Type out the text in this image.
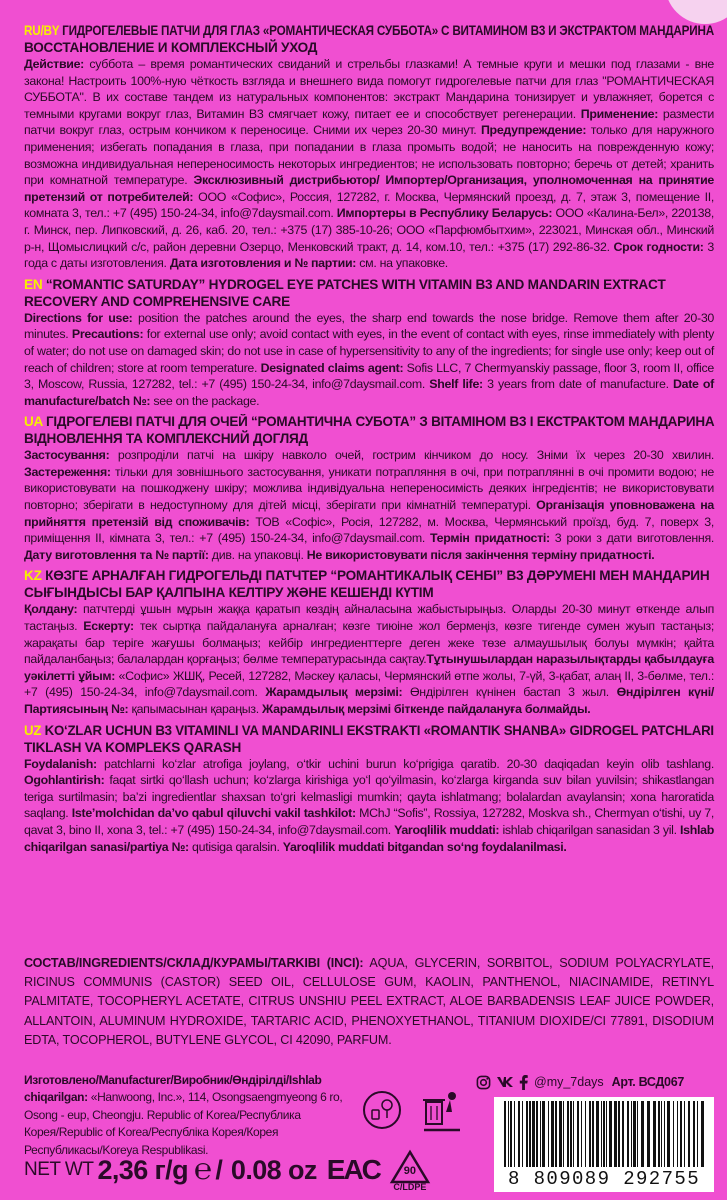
RU/BY ГИДРОГЕЛЕВЫЕ ПАТЧИ ДЛЯ ГЛАЗ «РОМАНТИЧЕСКАЯ СУББОТА» С ВИТАМИНОМ B3 И ЭКСТРАКТОМ МАНДАРИНА
ВОССТАНОВЛЕНИЕ И КОМПЛЕКСНЫЙ УХОД

Действие: суббота – время романтических свиданий и стрельбы глазками! А темные круги и мешки под глазами - вне закона! Настроить 100%-ную чёткость взгляда и внешнего вида помогут гидрогелевые патчи для глаз "РОМАНТИЧЕСКАЯ СУББОТА". В их составе тандем из натуральных компонентов: экстракт Мандарина тонизирует и увлажняет, борется с темными кругами вокруг глаз, Витамин В3 смягчает кожу, питает ее и способствует регенерации. Применение: размести патчи вокруг глаз, острым кончиком к переносице. Сними их через 20-30 минут. Предупреждение: только для наружного применения; избегать попадания в глаза, при попадании в глаза промыть водой; не наносить на поврежденную кожу; возможна индивидуальная непереносимость некоторых ингредиентов; не использовать повторно; беречь от детей; хранить при комнатной температуре. Эксклюзивный дистрибьютор/ Импортер/Организация, уполномоченная на принятие претензий от потребителей: ООО «Софис», Россия, 127282, г. Москва, Чермянский проезд, д. 7, этаж 3, помещение II, комната 3, тел.: +7 (495) 150-24-34, info@7daysmail.com. Импортеры в Республику Беларусь: ООО «Калина-Бел», 220138, г. Минск, пер. Липковский, д. 26, каб. 20, тел.: +375 (17) 385-10-26; ООО «Парфюмбытхим», 223021, Минская обл., Минский р-н, Щомыслицкий с/с, район деревни Озерцо, Менковский тракт, д. 14, ком.10, тел.: +375 (17) 292-86-32. Срок годности: 3 года с даты изготовления. Дата изготовления и № партии: см. на упаковке.

EN “ROMANTIC SATURDAY” HYDROGEL EYE PATCHES WITH VITAMIN B3 AND MANDARIN EXTRACT
RECOVERY AND COMPREHENSIVE CARE

Directions for use: position the patches around the eyes, the sharp end towards the nose bridge. Remove them after 20-30 minutes. Precautions: for external use only; avoid contact with eyes, in the event of contact with eyes, rinse immediately with plenty of water; do not use on damaged skin; do not use in case of hypersensitivity to any of the ingredients; for single use only; keep out of reach of children; store at room temperature. Designated claims agent: Sofis LLC, 7 Chermyanskiy passage, floor 3, room II, office 3, Moscow, Russia, 127282, tel.: +7 (495) 150-24-34, info@7daysmail.com. Shelf life: 3 years from date of manufacture. Date of manufacture/batch №: see on the package.

UA ГІДРОГЕЛЕВІ ПАТЧІ ДЛЯ ОЧЕЙ “РОМАНТИЧНА СУБОТА” З ВІТАМІНОМ B3 І ЕКСТРАКТОМ МАНДАРИНА
ВІДНОВЛЕННЯ ТА КОМПЛЕКСНИЙ ДОГЛЯД

Застосування: розпродiли патчi на шкiру навколо очей, гострим кінчиком до носу. Зніми їх через 20-30 хвилин. Застереження: тільки для зовнішнього застосування, уникати потрапляння в очі, при потраплянні в очі промити водою; не використовувати на пошкоджену шкіру; можлива індивідуальна непереносимість деяких інгредієнтів; не використовувати повторно; зберігати в недоступному для дітей місці, зберігати при кімнатній температурі. Організація уповноважена на прийняття претензій від споживачів: ТОВ «Софіс», Росія, 127282, м. Москва, Чермянський проїзд, буд. 7, поверх 3, приміщення ІІ, кімната 3, тел.: +7 (495) 150-24-34, info@7daysmail.com. Термін придатності: 3 роки з дати виготовлення. Дату виготовлення та № партії: див. на упаковці. Не використовувати після закінчення терміну придатності.

KZ КӨЗГЕ АРНАЛҒАН ГИДРОГЕЛЬДІ ПАТЧТЕР “РОМАНТИКАЛЫҚ СЕНБІ” B3 ДӘРУМЕНІ МЕН МАНДАРИН
СЫҒЫНДЫСЫ БАР ҚАЛПЫНА КЕЛТІРУ ЖӘНЕ КЕШЕНДІ КҮТІМ

Қолдану: патчтерді ұшын мұрын жаққа қаратып көздің айналасына жабыстырыңыз. Оларды 20-30 минут өткенде алып тастаңыз. Ескерту: тек сыртқа пайдалануға арналған; көзге тиюіне жол бермеңіз, көзге тигенде сумен жуып тастаңыз; жарақаты бар теріге жағушы болмаңыз; кейбір ингредиенттерге деген жеке төзе алмаушылық болуы мүмкін; қайта пайдаланбаңыз; балалардан қорғаңыз; бөлме температурасында сақтау.Тұтынушылардан наразылықтарды қабылдауға уәкілетті ұйым: «Софис» ЖШҚ, Ресей, 127282, Мәскеу қаласы, Чермянский өтпе жолы, 7-үй, 3-қабат, алаң ІІ, 3-бөлме, тел.: +7 (495) 150-24-34, info@7daysmail.com. Жарамдылық мерзімі: Өндірілген күнінен бастап 3 жыл. Өндірілген күні/Партиясының №: қапымасынан қараңыз. Жарамдылық мерзімі біткенде пайдалануға болмайды.

UZ KO‘ZLAR UCHUN B3 VITAMINLI VA MANDARINLI EKSTRAKTI «ROMANTIK SHANBA» GIDROGEL PATCHLARI
TIKLASH VA KOMPLEKS QARASH

Foydalanish: patchlarni ko‘zlar atrofiga joylang, o‘tkir uchini burun ko‘prigiga qaratib. 20-30 daqiqadan keyin olib tashlang. Ogohlantirish: faqat sirtki qo‘llash uchun; ko‘zlarga kirishiga yo‘l qo‘yilmasin, ko‘zlarga kirganda suv bilan yuvilsin; shikastlangan teriga surtilmasin; ba’zi ingredientlar shaxsan to‘gri kelmasligi mumkin; qayta ishlatmang; bolalardan avaylansin; xona haroratida saqlang. Iste’molchidan da’vo qabul qiluvchi vakil tashkilot: MChJ “Sofis”, Rossiya, 127282, Moskva sh., Chermyan o‘tishi, uy 7, qavat 3, bino II, xona 3, tel.: +7 (495) 150-24-34, info@7daysmail.com. Yaroqlilik muddati: ishlab chiqarilgan sanasidan 3 yil. Ishlab chiqarilgan sanasi/partiya №: qutisiga qaralsin. Yaroqlilik muddati bitgandan so‘ng foydalanilmasi.

СОСТАВ/INGREDIENTS/СКЛАД/КУРАМЫ/TARKIBI (INCI): AQUA, GLYCERIN, SORBITOL, SODIUM POLYACRYLATE, RICINUS COMMUNIS (CASTOR) SEED OIL, CELLULOSE GUM, KAOLIN, PANTHENOL, NIACINAMIDE, RETINYL PALMITATE, TOCOPHERYL ACETATE, CITRUS UNSHIU PEEL EXTRACT, ALOE BARBADENSIS LEAF JUICE POWDER, ALLANTOIN, ALUMINUM HYDROXIDE, TARTARIC ACID, PHENOXYETHANOL, TITANIUM DIOXIDE/CI 77891, DISODIUM EDTA, TOCOPHEROL, BUTYLENE GLYCOL, CI 42090, PARFUM.
Изготовлено/Manufacturer/Виробник/Өндірілді/Ishlab chiqarilgan: «Hanwoong, Inc.», 114, Osongsaengmyeong 6 ro, Osong - eup, Cheongju. Republic of Korea/Республика Корея/Republic of Korea/Республіка Корея/Корея Республикасы/Koreya Respublikasi.
@my_7days Арт. ВСД067
NET WT 2,36 г/g ℮ / 0.08 oz EAC	90
C/LDPE	8 809089 292755
